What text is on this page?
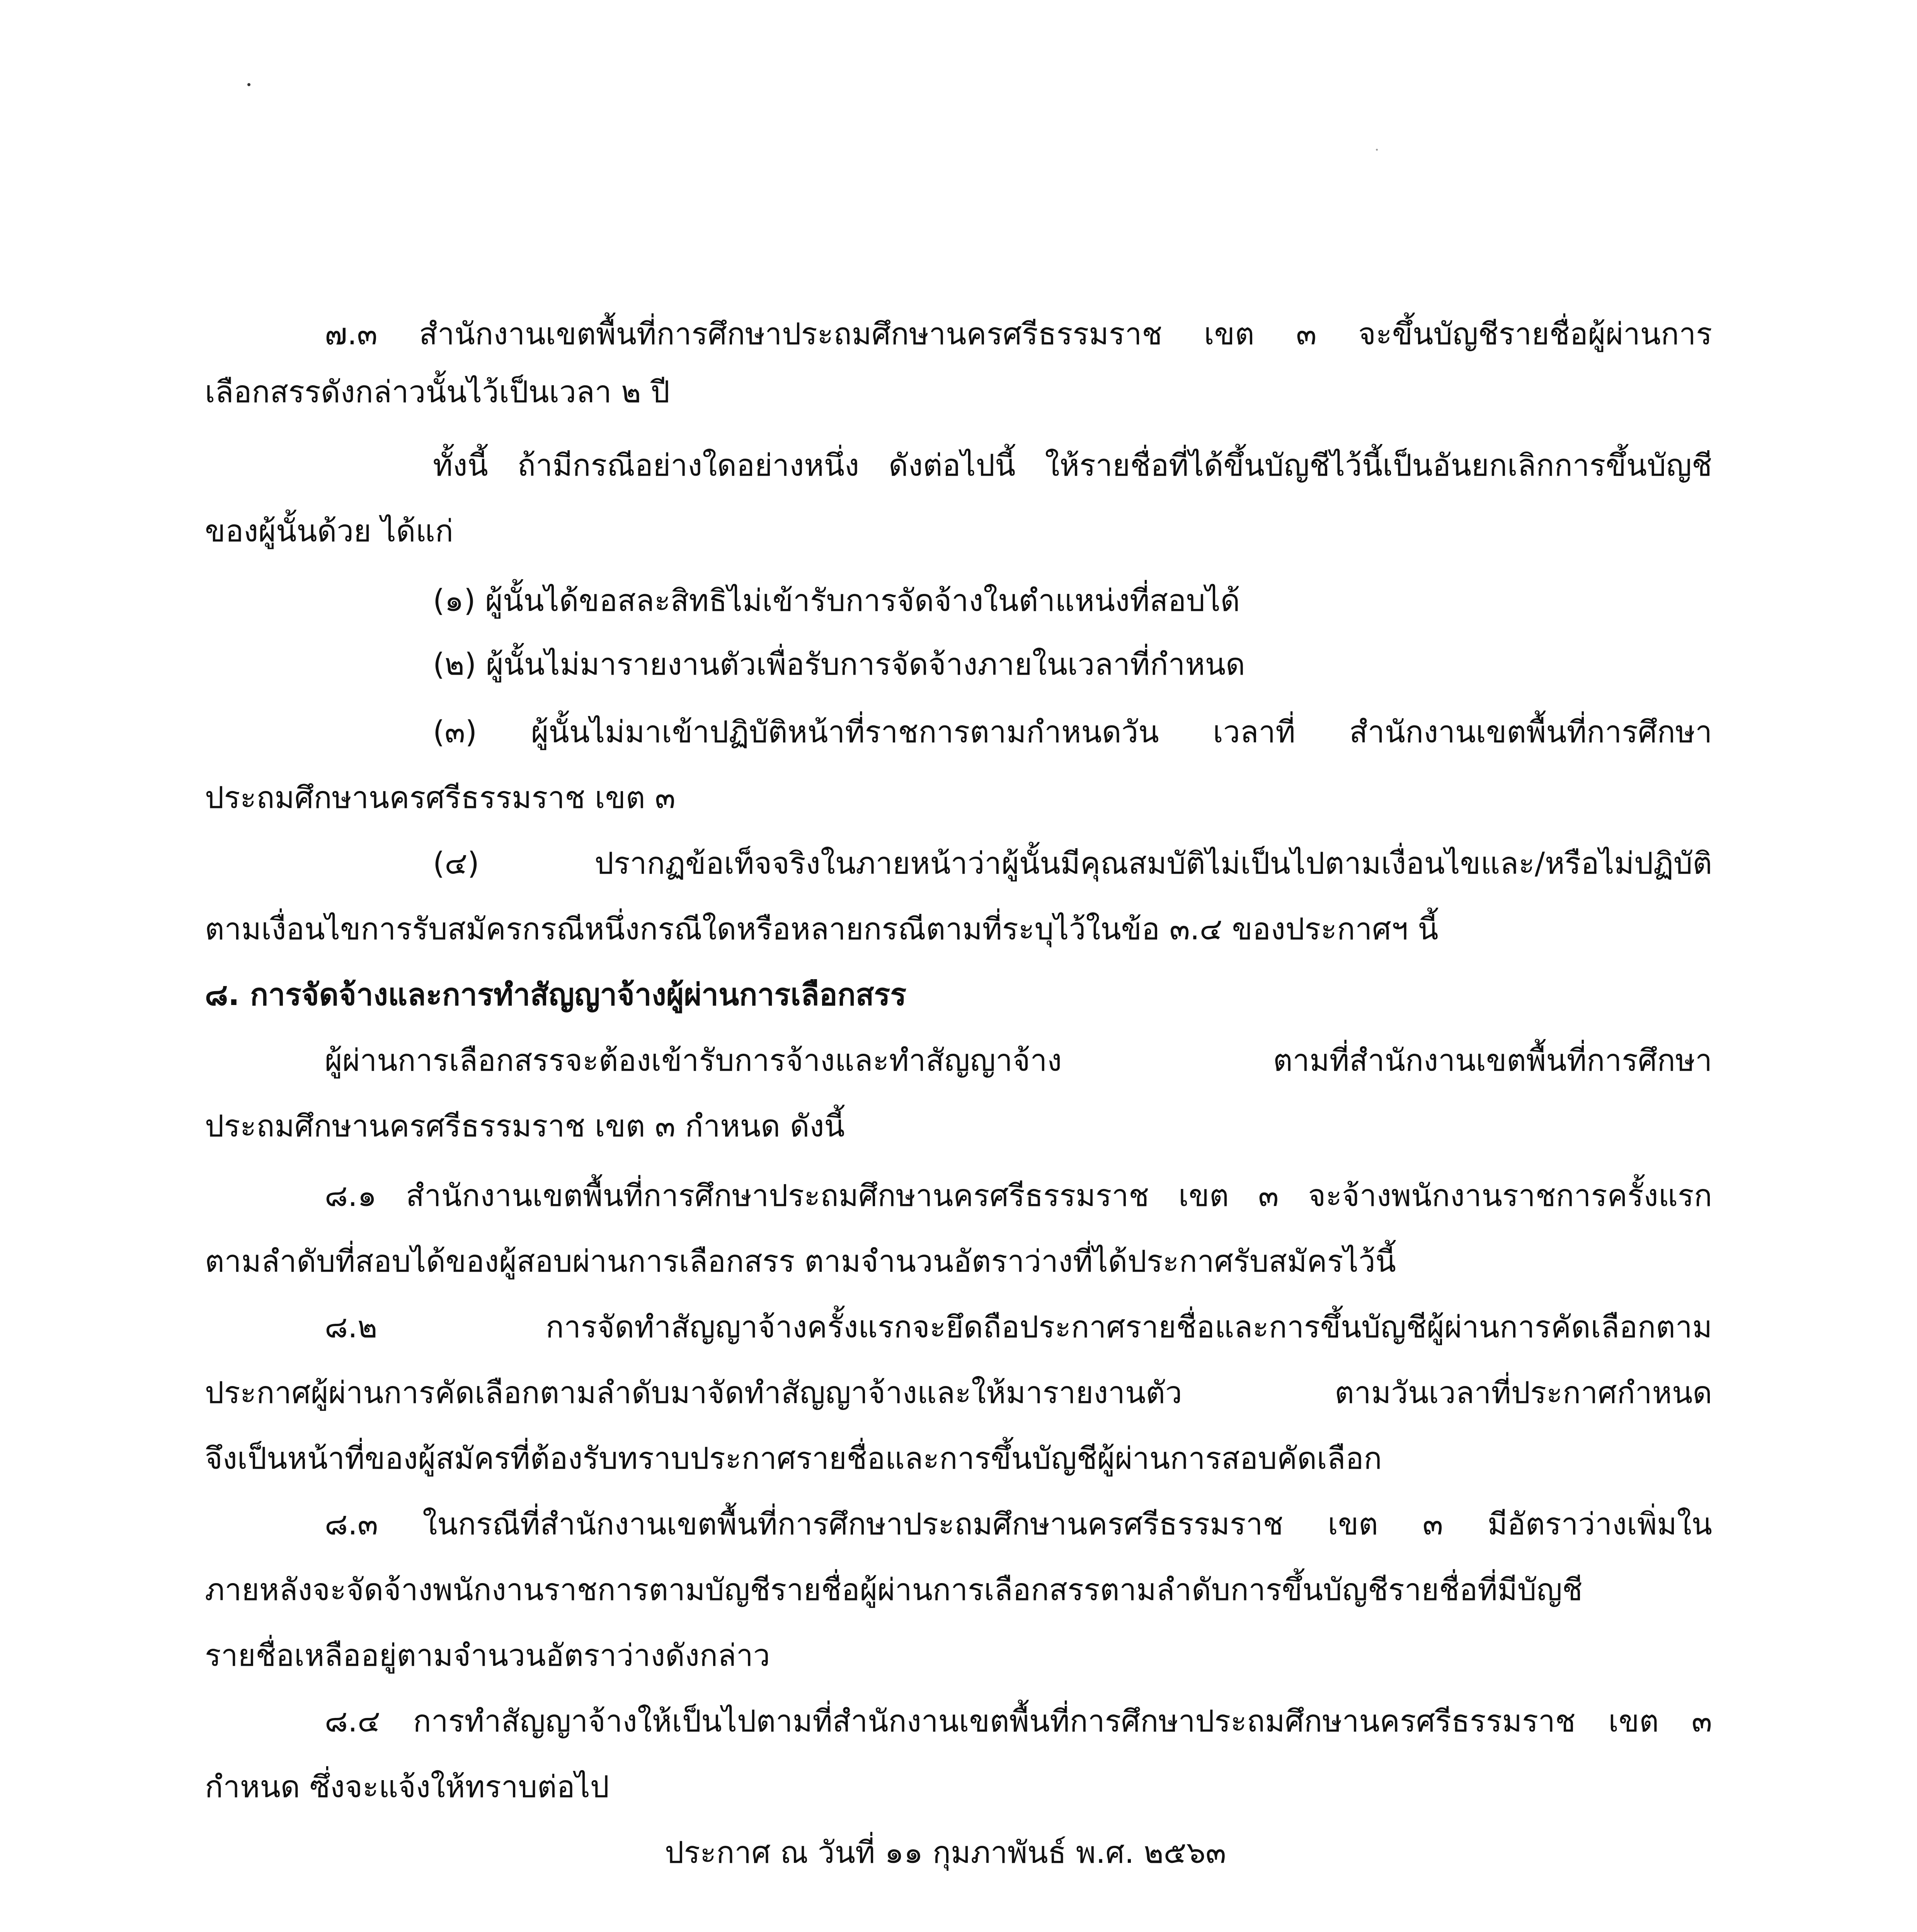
๗.๓ สำนักงานเขตพื้นที่การศึกษาประถมศึกษานครศรีธรรมราช เขต ๓ จะขึ้นบัญชีรายชื่อผู้ผ่านการ
เลือกสรรดังกล่าวนั้นไว้เป็นเวลา ๒ ปี
ทั้งนี้ ถ้ามีกรณีอย่างใดอย่างหนึ่ง ดังต่อไปนี้ ให้รายชื่อที่ได้ขึ้นบัญชีไว้นี้เป็นอันยกเลิกการขึ้นบัญชี
ของผู้นั้นด้วย ได้แก่
(๑) ผู้นั้นได้ขอสละสิทธิไม่เข้ารับการจัดจ้างในตำแหน่งที่สอบได้
(๒) ผู้นั้นไม่มารายงานตัวเพื่อรับการจัดจ้างภายในเวลาที่กำหนด
(๓) ผู้นั้นไม่มาเข้าปฏิบัติหน้าที่ราชการตามกำหนดวัน เวลาที่ สำนักงานเขตพื้นที่การศึกษา
ประถมศึกษานครศรีธรรมราช เขต ๓
(๔) ปรากฏข้อเท็จจริงในภายหน้าว่าผู้นั้นมีคุณสมบัติไม่เป็นไปตามเงื่อนไขและ/หรือไม่ปฏิบัติ
ตามเงื่อนไขการรับสมัครกรณีหนึ่งกรณีใดหรือหลายกรณีตามที่ระบุไว้ในข้อ ๓.๔ ของประกาศฯ นี้
๘. การจัดจ้างและการทำสัญญาจ้างผู้ผ่านการเลือกสรร
ผู้ผ่านการเลือกสรรจะต้องเข้ารับการจ้างและทำสัญญาจ้าง ตามที่สำนักงานเขตพื้นที่การศึกษา
ประถมศึกษานครศรีธรรมราช เขต ๓ กำหนด ดังนี้
๘.๑ สำนักงานเขตพื้นที่การศึกษาประถมศึกษานครศรีธรรมราช เขต ๓ จะจ้างพนักงานราชการครั้งแรก
ตามลำดับที่สอบได้ของผู้สอบผ่านการเลือกสรร ตามจำนวนอัตราว่างที่ได้ประกาศรับสมัครไว้นี้
๘.๒ การจัดทำสัญญาจ้างครั้งแรกจะยึดถือประกาศรายชื่อและการขึ้นบัญชีผู้ผ่านการคัดเลือกตาม
ประกาศผู้ผ่านการคัดเลือกตามลำดับมาจัดทำสัญญาจ้างและให้มารายงานตัว ตามวันเวลาที่ประกาศกำหนด
จึงเป็นหน้าที่ของผู้สมัครที่ต้องรับทราบประกาศรายชื่อและการขึ้นบัญชีผู้ผ่านการสอบคัดเลือก
๘.๓ ในกรณีที่สำนักงานเขตพื้นที่การศึกษาประถมศึกษานครศรีธรรมราช เขต ๓ มีอัตราว่างเพิ่มใน
ภายหลังจะจัดจ้างพนักงานราชการตามบัญชีรายชื่อผู้ผ่านการเลือกสรรตามลำดับการขึ้นบัญชีรายชื่อที่มีบัญชี
รายชื่อเหลืออยู่ตามจำนวนอัตราว่างดังกล่าว
๘.๔ การทำสัญญาจ้างให้เป็นไปตามที่สำนักงานเขตพื้นที่การศึกษาประถมศึกษานครศรีธรรมราช เขต ๓
กำหนด ซึ่งจะแจ้งให้ทราบต่อไป
ประกาศ ณ วันที่ ๑๑ กุมภาพันธ์ พ.ศ. ๒๕๖๓
